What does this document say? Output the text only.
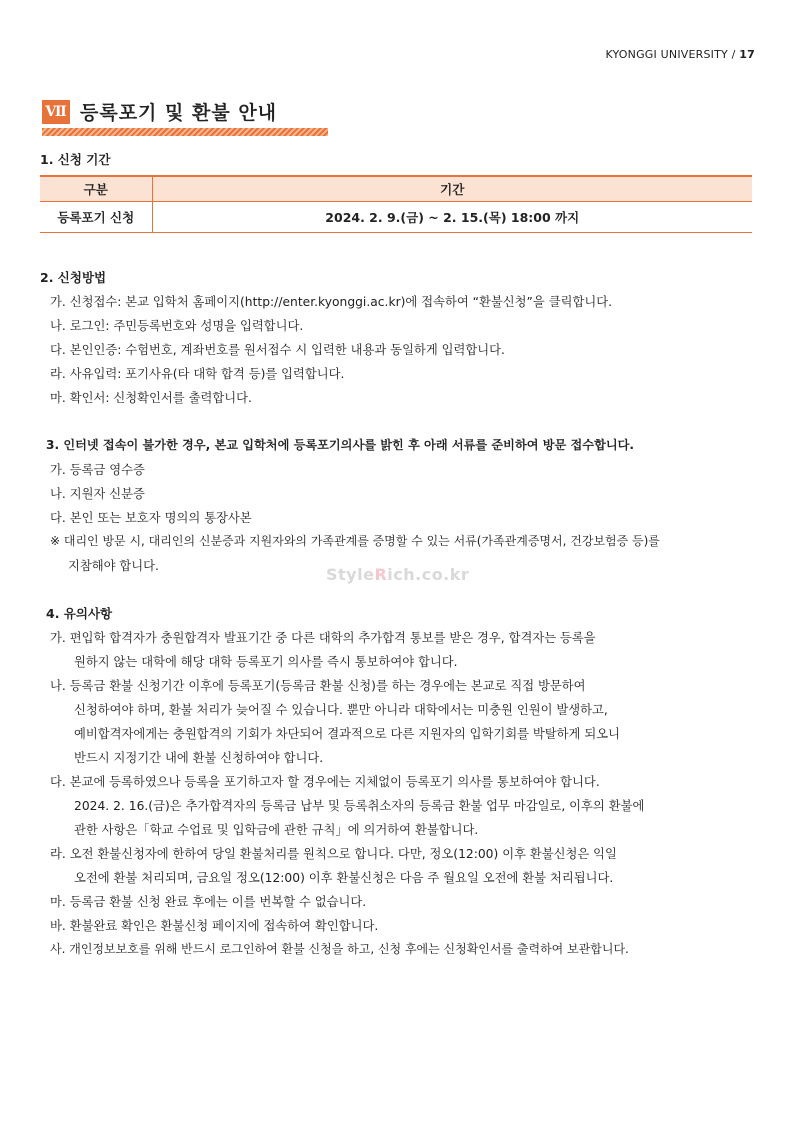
KYONGGI UNIVERSITY / 17
Ⅶ 등록포기 및 환불 안내
1. 신청 기간
구분	기간
등록포기 신청	2024. 2. 9.(금) ~ 2. 15.(목) 18:00 까지
2. 신청방법
가. 신청접수: 본교 입학처 홈페이지(http://enter.kyonggi.ac.kr)에 접속하여 “환불신청”을 클릭합니다.
나. 로그인: 주민등록번호와 성명을 입력합니다.
다. 본인인증: 수험번호, 계좌번호를 원서접수 시 입력한 내용과 동일하게 입력합니다.
라. 사유입력: 포기사유(타 대학 합격 등)를 입력합니다.
마. 확인서: 신청확인서를 출력합니다.
3. 인터넷 접속이 불가한 경우, 본교 입학처에 등록포기의사를 밝힌 후 아래 서류를 준비하여 방문 접수합니다.
가. 등록금 영수증
나. 지원자 신분증
다. 본인 또는 보호자 명의의 통장사본
※ 대리인 방문 시, 대리인의 신분증과 지원자와의 가족관계를 증명할 수 있는 서류(가족관계증명서, 건강보험증 등)를
지참해야 합니다.	StyleRich.co.kr
4. 유의사항
가. 편입학 합격자가 충원합격자 발표기간 중 다른 대학의 추가합격 통보를 받은 경우, 합격자는 등록을
원하지 않는 대학에 해당 대학 등록포기 의사를 즉시 통보하여야 합니다.
나. 등록금 환불 신청기간 이후에 등록포기(등록금 환불 신청)를 하는 경우에는 본교로 직접 방문하여
신청하여야 하며, 환불 처리가 늦어질 수 있습니다. 뿐만 아니라 대학에서는 미충원 인원이 발생하고,
예비합격자에게는 충원합격의 기회가 차단되어 결과적으로 다른 지원자의 입학기회를 박탈하게 되오니
반드시 지정기간 내에 환불 신청하여야 합니다.
다. 본교에 등록하였으나 등록을 포기하고자 할 경우에는 지체없이 등록포기 의사를 통보하여야 합니다.
2024. 2. 16.(금)은 추가합격자의 등록금 납부 및 등록취소자의 등록금 환불 업무 마감일로, 이후의 환불에
관한 사항은「학교 수업료 및 입학금에 관한 규칙」에 의거하여 환불합니다.
라. 오전 환불신청자에 한하여 당일 환불처리를 원칙으로 합니다. 다만, 정오(12:00) 이후 환불신청은 익일
오전에 환불 처리되며, 금요일 정오(12:00) 이후 환불신청은 다음 주 월요일 오전에 환불 처리됩니다.
마. 등록금 환불 신청 완료 후에는 이를 번복할 수 없습니다.
바. 환불완료 확인은 환불신청 페이지에 접속하여 확인합니다.
사. 개인정보보호를 위해 반드시 로그인하여 환불 신청을 하고, 신청 후에는 신청확인서를 출력하여 보관합니다.
